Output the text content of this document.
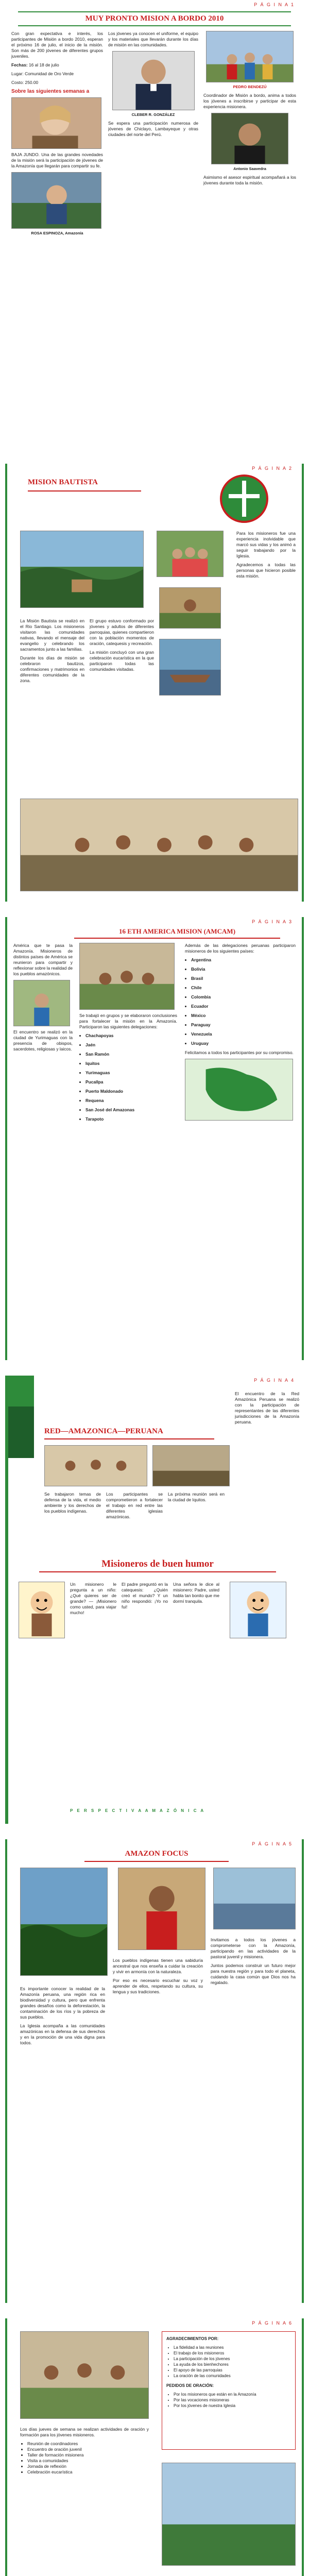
P Á G I N A 1
MUY PRONTO MISION A BORDO 2010

Con gran expectativa e interés, los participantes de Misión a bordo 2010, esperan el próximo 16 de julio, el inicio de la misión. Son más de 200 jóvenes de diferentes grupos juveniles.

Fechas: 16 al 18 de julio

Lugar: Comunidad de Oro Verde

Costo: 250.00

Sobre las siguientes semanas a

BAJA JUNDO. Una de las grandes novedades de la misión será la participación de jóvenes de la Amazonía que llegarán para compartir su fe.

ROSA ESPINOZA, Amazonía

Los jóvenes ya conocen el uniforme, el equipo y los materiales que llevarán durante los días de misión en las comunidades.

CLEBER R. GONZÁLEZ

Se espera una participación numerosa de jóvenes de Chiclayo, Lambayeque y otras ciudades del norte del Perú.

PEDRO BENDEZÚ

Coordinador de Misión a bordo, anima a todos los jóvenes a inscribirse y participar de esta experiencia misionera.

Antonio Saavedra

Asimismo el asesor espiritual acompañará a los jóvenes durante toda la misión.

P Á G I N A 2
MISION BAUTISTA

Para los misioneros fue una experiencia inolvidable que marcó sus vidas y los animó a seguir trabajando por la Iglesia.

Agradecemos a todas las personas que hicieron posible esta misión.

La Misión Bautista se realizó en el Rio Santiago. Los misioneros visitaron las comunidades nativas, llevando el mensaje del evangelio y celebrando los sacramentos junto a las familias.

Durante los días de misión se celebraron bautizos, confirmaciones y matrimonios en diferentes comunidades de la zona.

El grupo estuvo conformado por jóvenes y adultos de diferentes parroquias, quienes compartieron con la población momentos de oración, catequesis y recreación.

La misión concluyó con una gran celebración eucarística en la que participaron todas las comunidades visitadas.

P Á G I N A 3
16 ETH AMERICA MISION (AMCAM)

América que te pasa la Amazonía. Misioneros de distintos países de América se reunieron para compartir y reflexionar sobre la realidad de los pueblos amazónicos.

El encuentro se realizó en la ciudad de Yurimaguas con la presencia de obispos, sacerdotes, religiosas y laicos.

Se trabajó en grupos y se elaboraron conclusiones para fortalecer la misión en la Amazonía. Participaron las siguientes delegaciones:

• Chachapoyas
• Jaén
• San Ramón
• Iquitos
• Yurimaguas
• Pucallpa
• Puerto Maldonado
• Requena
• San José del Amazonas
• Tarapoto

Además de las delegaciones peruanas participaron misioneros de los siguientes países:

• Argentina
• Bolivia
• Brasil
• Chile
• Colombia
• Ecuador
• México
• Paraguay
• Venezuela
• Uruguay

Felicitamos a todos los participantes por su compromiso.

P Á G I N A 4
RED—AMAZONICA—PERUANA

El encuentro de la Red Amazónica Peruana se realizó con la participación de representantes de las diferentes jurisdicciones de la Amazonía peruana.

Se trabajaron temas de defensa de la vida, el medio ambiente y los derechos de los pueblos indígenas.

Los participantes se comprometieron a fortalecer el trabajo en red entre las diferentes iglesias amazónicas.

La próxima reunión será en la ciudad de Iquitos.

Misioneros de buen humor

Un misionero le pregunta a un niño: ¿Qué quieres ser de grande? — ¡Misionero como usted, para viajar mucho!

El padre preguntó en la catequesis: ¿Quién creó el mundo? Y un niño respondió: ¡Yo no fui!

Una señora le dice al misionero: Padre, usted habla tan bonito que me dormí tranquila.

P E R S P E C T I V A A M A Z Ó N I C A
P Á G I N A 5
AMAZON FOCUS

Es importante conocer la realidad de la Amazonía peruana, una región rica en biodiversidad y cultura, pero que enfrenta grandes desafíos como la deforestación, la contaminación de los ríos y la pobreza de sus pueblos.

La Iglesia acompaña a las comunidades amazónicas en la defensa de sus derechos y en la promoción de una vida digna para todos.

Los pueblos indígenas tienen una sabiduría ancestral que nos enseña a cuidar la creación y vivir en armonía con la naturaleza.

Por eso es necesario escuchar su voz y aprender de ellos, respetando su cultura, su lengua y sus tradiciones.

Invitamos a todos los jóvenes a comprometerse con la Amazonía, participando en las actividades de la pastoral juvenil y misionera.

Juntos podemos construir un futuro mejor para nuestra región y para todo el planeta, cuidando la casa común que Dios nos ha regalado.

P Á G I N A 6

Los días jueves de semana se realizan actividades de oración y formación para los jóvenes misioneros.

• Reunión de coordinadores
• Encuentro de oración juvenil
• Taller de formación misionera
• Visita a comunidades
• Jornada de reflexión
• Celebración eucarística
AGRADECIMIENTOS POR:
• La fidelidad a las reuniones
• El trabajo de los misioneros
• La participación de los jóvenes
• La ayuda de los bienhechores
• El apoyo de las parroquias
• La oración de las comunidades
PEDIDOS DE ORACIÓN:
• Por los misioneros que están en la Amazonía
• Por las vocaciones misioneras
• Por los jóvenes de nuestra Iglesia
